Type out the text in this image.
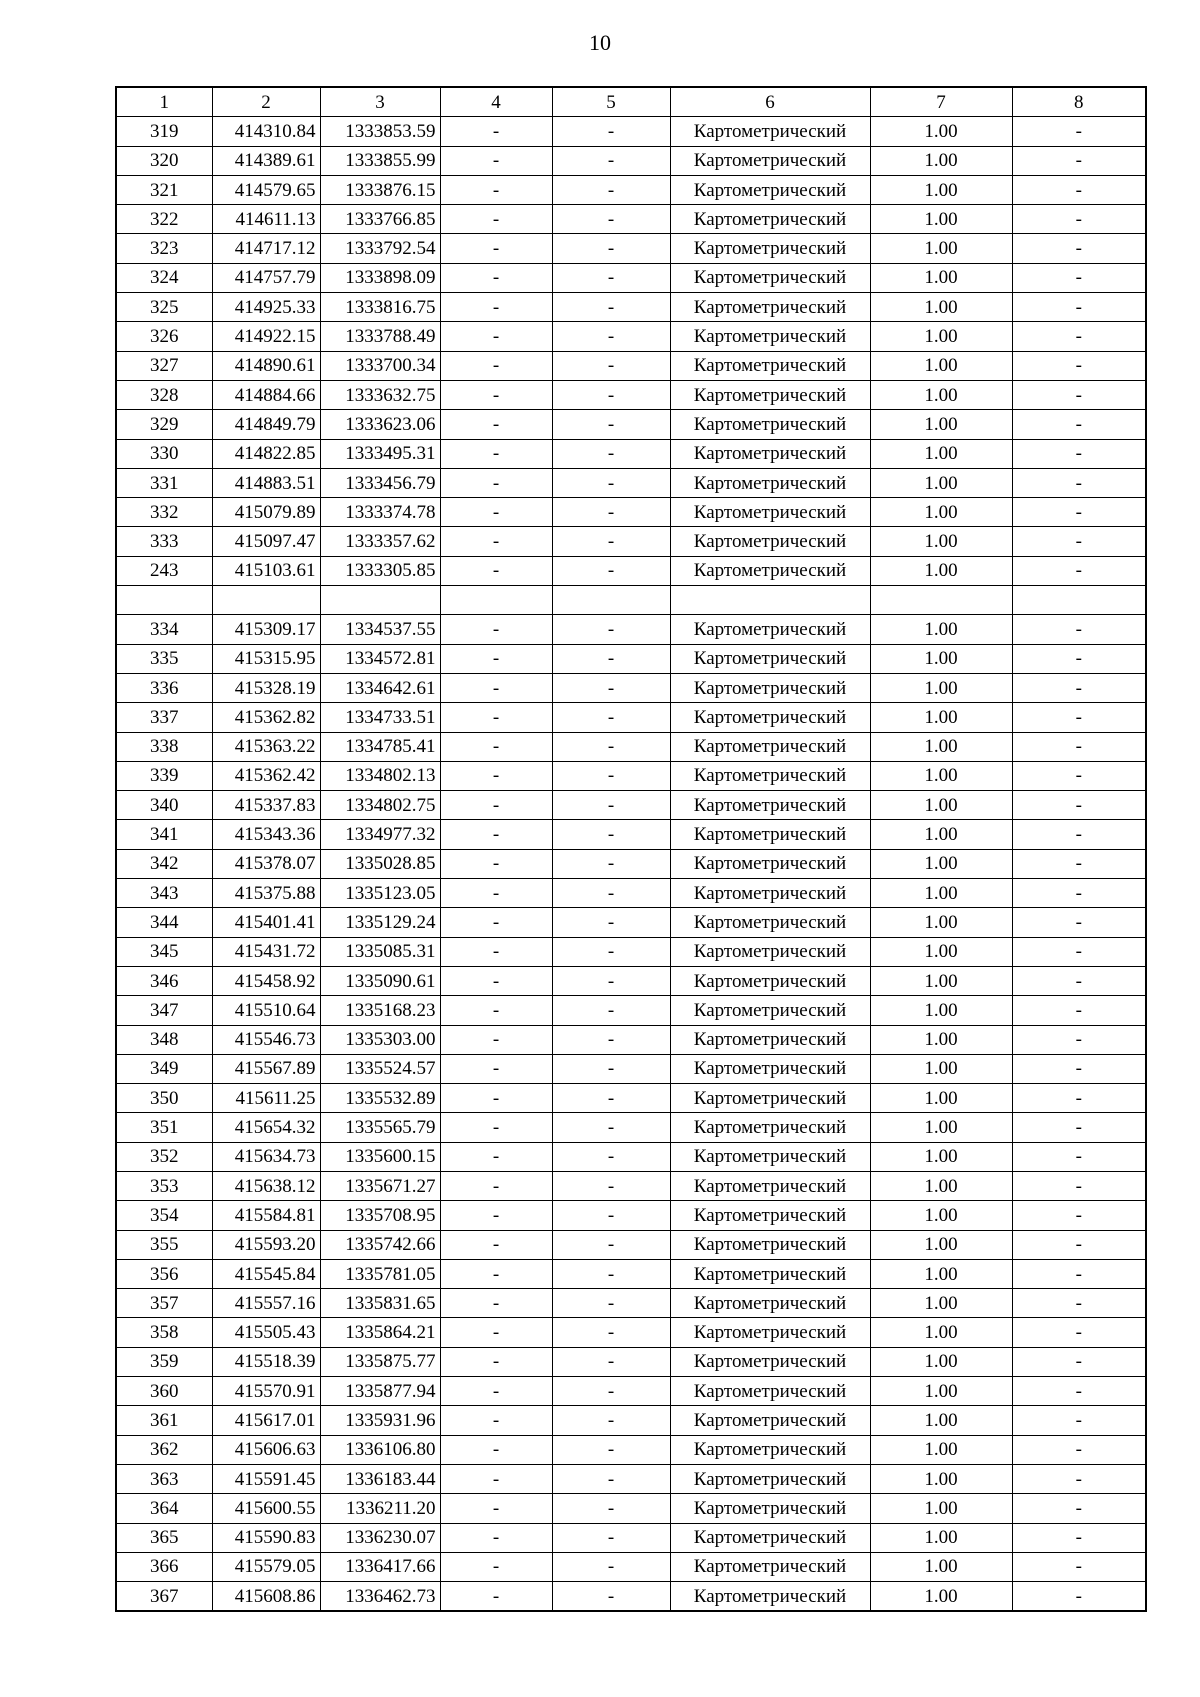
10
1	2	3	4	5	6	7	8
319	414310.84	1333853.59	-	-	Картометрический	1.00	-
320	414389.61	1333855.99	-	-	Картометрический	1.00	-
321	414579.65	1333876.15	-	-	Картометрический	1.00	-
322	414611.13	1333766.85	-	-	Картометрический	1.00	-
323	414717.12	1333792.54	-	-	Картометрический	1.00	-
324	414757.79	1333898.09	-	-	Картометрический	1.00	-
325	414925.33	1333816.75	-	-	Картометрический	1.00	-
326	414922.15	1333788.49	-	-	Картометрический	1.00	-
327	414890.61	1333700.34	-	-	Картометрический	1.00	-
328	414884.66	1333632.75	-	-	Картометрический	1.00	-
329	414849.79	1333623.06	-	-	Картометрический	1.00	-
330	414822.85	1333495.31	-	-	Картометрический	1.00	-
331	414883.51	1333456.79	-	-	Картометрический	1.00	-
332	415079.89	1333374.78	-	-	Картометрический	1.00	-
333	415097.47	1333357.62	-	-	Картометрический	1.00	-
243	415103.61	1333305.85	-	-	Картометрический	1.00	-

334	415309.17	1334537.55	-	-	Картометрический	1.00	-
335	415315.95	1334572.81	-	-	Картометрический	1.00	-
336	415328.19	1334642.61	-	-	Картометрический	1.00	-
337	415362.82	1334733.51	-	-	Картометрический	1.00	-
338	415363.22	1334785.41	-	-	Картометрический	1.00	-
339	415362.42	1334802.13	-	-	Картометрический	1.00	-
340	415337.83	1334802.75	-	-	Картометрический	1.00	-
341	415343.36	1334977.32	-	-	Картометрический	1.00	-
342	415378.07	1335028.85	-	-	Картометрический	1.00	-
343	415375.88	1335123.05	-	-	Картометрический	1.00	-
344	415401.41	1335129.24	-	-	Картометрический	1.00	-
345	415431.72	1335085.31	-	-	Картометрический	1.00	-
346	415458.92	1335090.61	-	-	Картометрический	1.00	-
347	415510.64	1335168.23	-	-	Картометрический	1.00	-
348	415546.73	1335303.00	-	-	Картометрический	1.00	-
349	415567.89	1335524.57	-	-	Картометрический	1.00	-
350	415611.25	1335532.89	-	-	Картометрический	1.00	-
351	415654.32	1335565.79	-	-	Картометрический	1.00	-
352	415634.73	1335600.15	-	-	Картометрический	1.00	-
353	415638.12	1335671.27	-	-	Картометрический	1.00	-
354	415584.81	1335708.95	-	-	Картометрический	1.00	-
355	415593.20	1335742.66	-	-	Картометрический	1.00	-
356	415545.84	1335781.05	-	-	Картометрический	1.00	-
357	415557.16	1335831.65	-	-	Картометрический	1.00	-
358	415505.43	1335864.21	-	-	Картометрический	1.00	-
359	415518.39	1335875.77	-	-	Картометрический	1.00	-
360	415570.91	1335877.94	-	-	Картометрический	1.00	-
361	415617.01	1335931.96	-	-	Картометрический	1.00	-
362	415606.63	1336106.80	-	-	Картометрический	1.00	-
363	415591.45	1336183.44	-	-	Картометрический	1.00	-
364	415600.55	1336211.20	-	-	Картометрический	1.00	-
365	415590.83	1336230.07	-	-	Картометрический	1.00	-
366	415579.05	1336417.66	-	-	Картометрический	1.00	-
367	415608.86	1336462.73	-	-	Картометрический	1.00	-
